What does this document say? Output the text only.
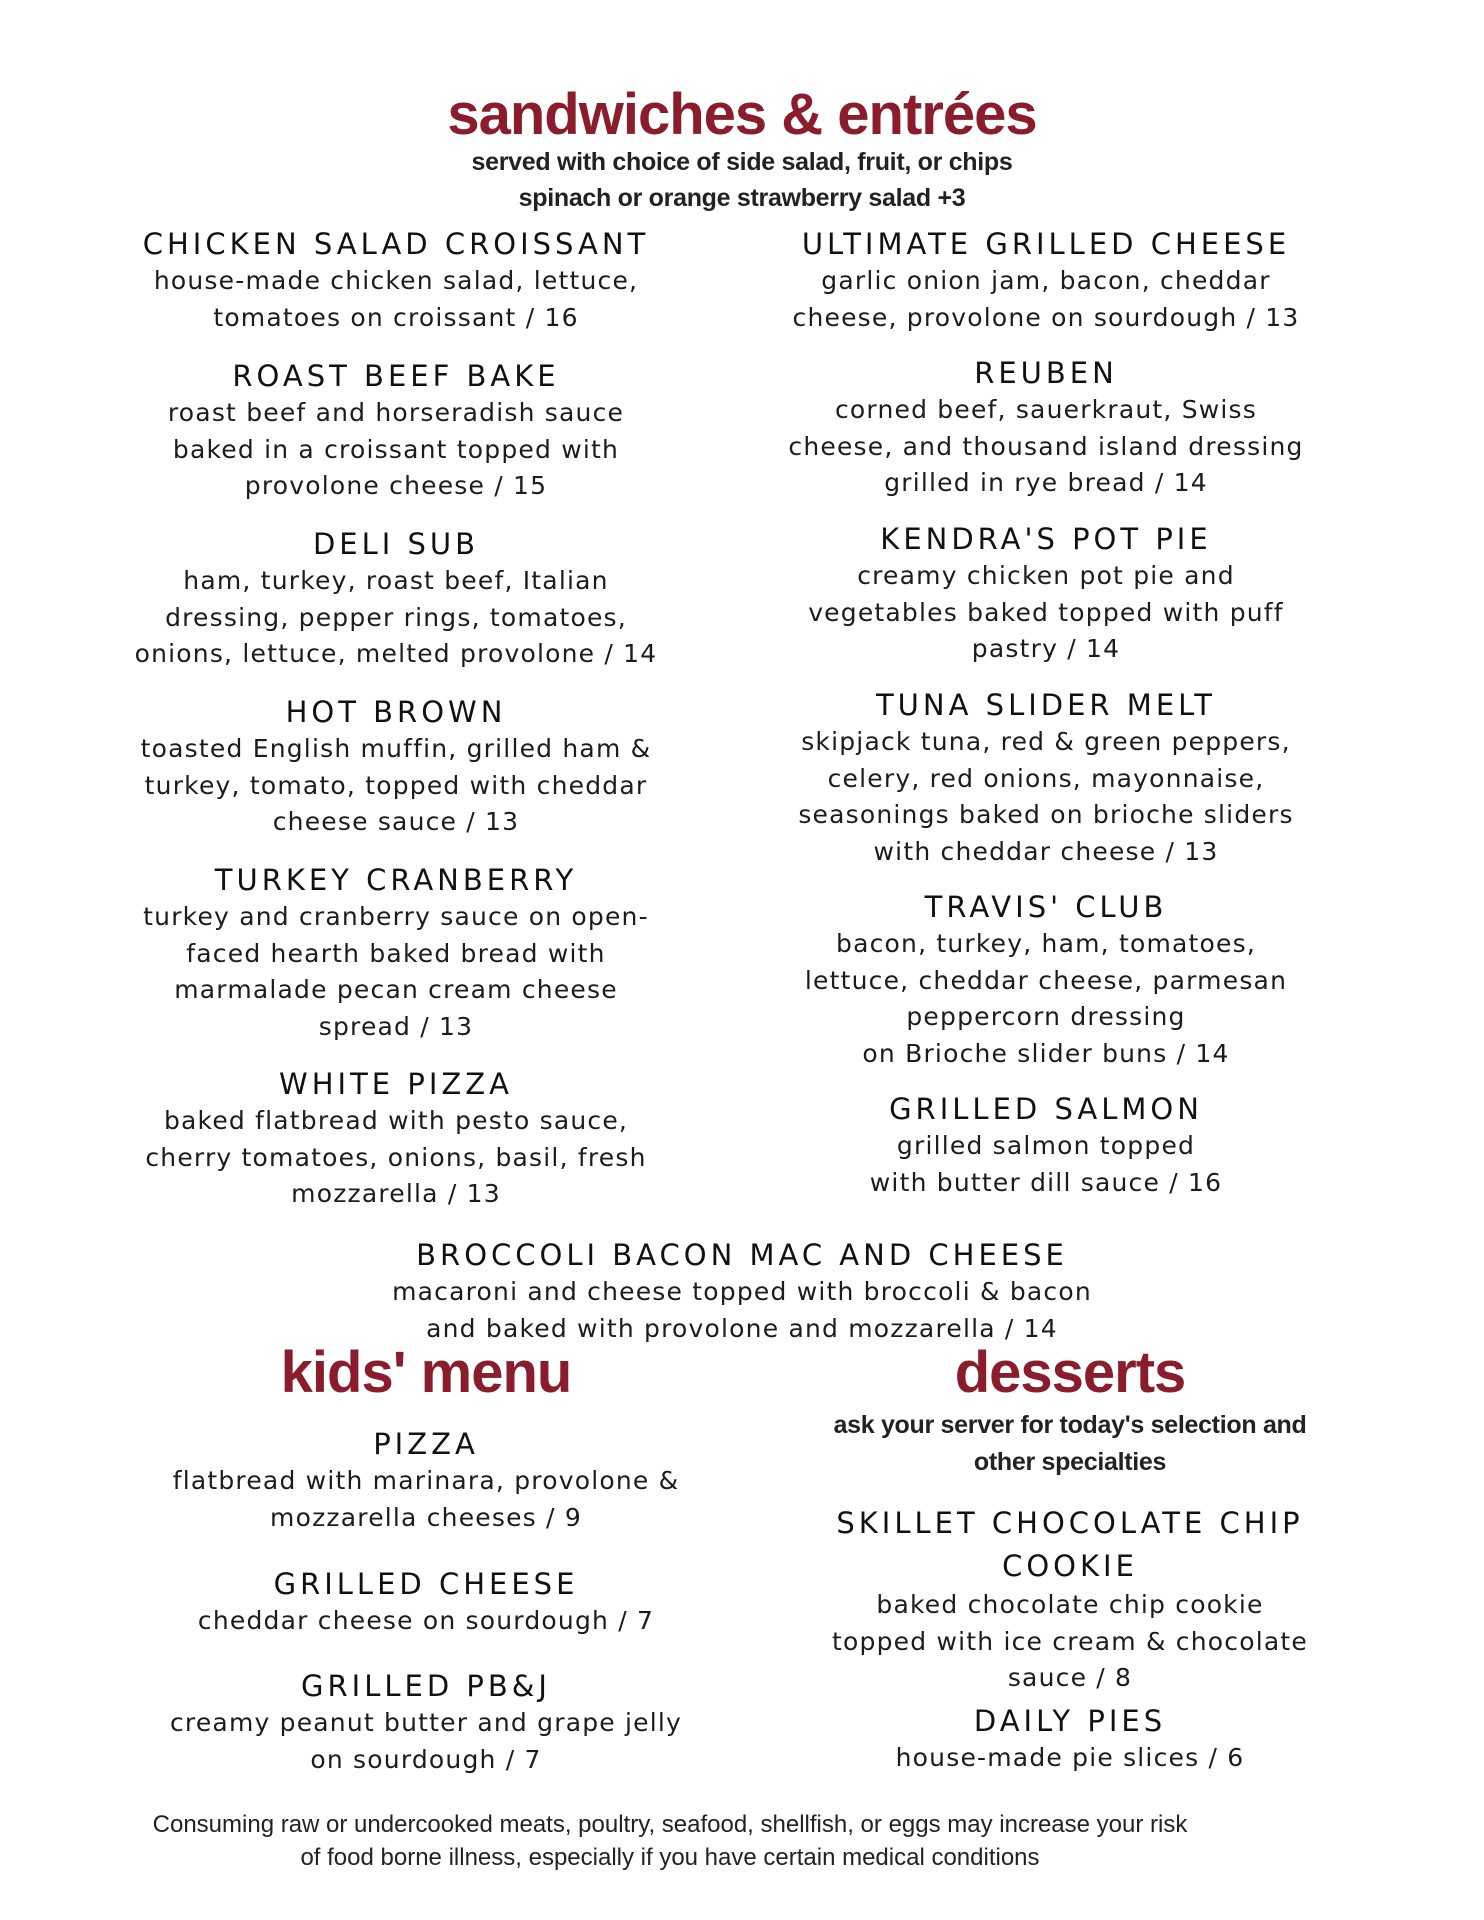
sandwiches & entrées
served with choice of side salad, fruit, or chips
spinach or orange strawberry salad +3
CHICKEN SALAD CROISSANT
house-made chicken salad, lettuce,
tomatoes on croissant / 16
ROAST BEEF BAKE
roast beef and horseradish sauce
baked in a croissant topped with
provolone cheese / 15
DELI SUB
ham, turkey, roast beef, Italian
dressing, pepper rings, tomatoes,
onions, lettuce, melted provolone / 14
HOT BROWN
toasted English muffin, grilled ham &
turkey, tomato, topped with cheddar
cheese sauce / 13
TURKEY CRANBERRY
turkey and cranberry sauce on open-
faced hearth baked bread with
marmalade pecan cream cheese
spread / 13
WHITE PIZZA
baked flatbread with pesto sauce,
cherry tomatoes, onions, basil, fresh
mozzarella / 13
ULTIMATE GRILLED CHEESE
garlic onion jam, bacon, cheddar
cheese, provolone on sourdough / 13
REUBEN
corned beef, sauerkraut, Swiss
cheese, and thousand island dressing
grilled in rye bread / 14
KENDRA'S POT PIE
creamy chicken pot pie and
vegetables baked topped with puff
pastry / 14
TUNA SLIDER MELT
skipjack tuna, red & green peppers,
celery, red onions, mayonnaise,
seasonings baked on brioche sliders
with cheddar cheese / 13
TRAVIS' CLUB
bacon, turkey, ham, tomatoes,
lettuce, cheddar cheese, parmesan
peppercorn dressing
on Brioche slider buns / 14
GRILLED SALMON
grilled salmon topped
with butter dill sauce / 16
BROCCOLI BACON MAC AND CHEESE
macaroni and cheese topped with broccoli & bacon
and baked with provolone and mozzarella / 14
kids' menu
PIZZA
flatbread with marinara, provolone &
mozzarella cheeses / 9
GRILLED CHEESE
cheddar cheese on sourdough / 7
GRILLED PB&J
creamy peanut butter and grape jelly
on sourdough / 7
desserts
ask your server for today's selection and
other specialties
SKILLET CHOCOLATE CHIP
COOKIE
baked chocolate chip cookie
topped with ice cream & chocolate
sauce / 8
DAILY PIES
house-made pie slices / 6
Consuming raw or undercooked meats, poultry, seafood, shellfish, or eggs may increase your risk
of food borne illness, especially if you have certain medical conditions
